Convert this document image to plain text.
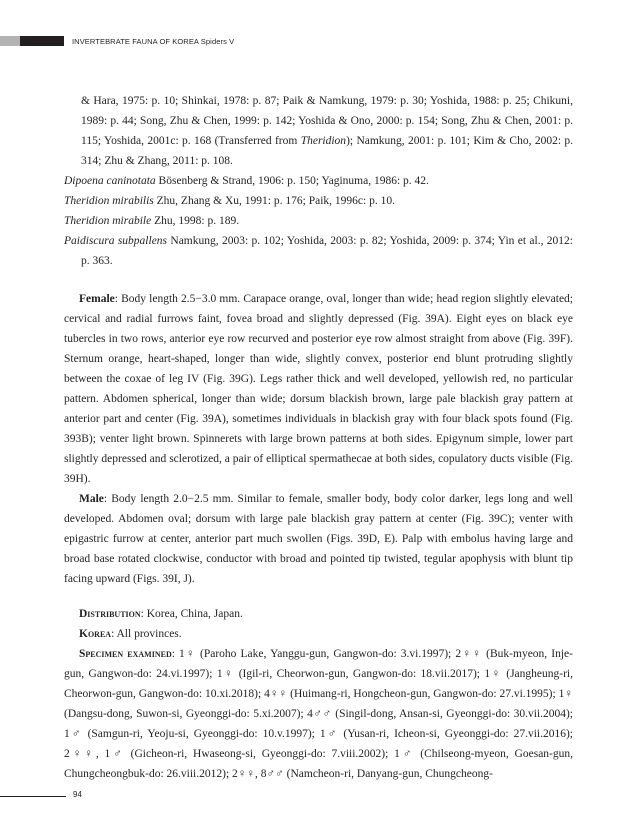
INVERTEBRATE FAUNA OF KOREA Spiders V

& Hara, 1975: p. 10; Shinkai, 1978: p. 87; Paik & Namkung, 1979: p. 30; Yoshida, 1988: p. 25; Chikuni, 1989: p. 44; Song, Zhu & Chen, 1999: p. 142; Yoshida & Ono, 2000: p. 154; Song, Zhu & Chen, 2001: p. 115; Yoshida, 2001c: p. 168 (Transferred from Theridion); Namkung, 2001: p. 101; Kim & Cho, 2002: p. 314; Zhu & Zhang, 2011: p. 108.

Dipoena caninotata Bösenberg & Strand, 1906: p. 150; Yaginuma, 1986: p. 42.

Theridion mirabilis Zhu, Zhang & Xu, 1991: p. 176; Paik, 1996c: p. 10.

Theridion mirabile Zhu, 1998: p. 189.

Paidiscura subpallens Namkung, 2003: p. 102; Yoshida, 2003: p. 82; Yoshida, 2009: p. 374; Yin et al., 2012: p. 363.

Female: Body length 2.5−3.0 mm. Carapace orange, oval, longer than wide; head region slightly elevated; cervical and radial furrows faint, fovea broad and slightly depressed (Fig. 39A). Eight eyes on black eye tubercles in two rows, anterior eye row recurved and posterior eye row almost straight from above (Fig. 39F). Sternum orange, heart-shaped, longer than wide, slightly convex, posterior end blunt protruding slightly between the coxae of leg IV (Fig. 39G). Legs rather thick and well developed, yellowish red, no particular pattern. Abdomen spherical, longer than wide; dorsum blackish brown, large pale blackish gray pattern at anterior part and center (Fig. 39A), sometimes individuals in blackish gray with four black spots found (Fig. 393B); venter light brown. Spinnerets with large brown patterns at both sides. Epigynum simple, lower part slightly depressed and sclerotized, a pair of elliptical spermathecae at both sides, copulatory ducts visible (Fig. 39H).

Male: Body length 2.0−2.5 mm. Similar to female, smaller body, body color darker, legs long and well developed. Abdomen oval; dorsum with large pale blackish gray pattern at center (Fig. 39C); venter with epigastric furrow at center, anterior part much swollen (Figs. 39D, E). Palp with embolus having large and broad base rotated clockwise, conductor with broad and pointed tip twisted, tegular apophysis with blunt tip facing upward (Figs. 39I, J).

Distribution: Korea, China, Japan.

Korea: All provinces.

Specimen examined: 1♀ (Paroho Lake, Yanggu-gun, Gangwon-do: 3.vi.1997); 2♀♀ (Buk-myeon, Inje-gun, Gangwon-do: 24.vi.1997); 1♀ (Igil-ri, Cheorwon-gun, Gangwon-do: 18.vii.2017); 1♀ (Jangheung-ri, Cheorwon-gun, Gangwon-do: 10.xi.2018); 4♀♀ (Huimang-ri, Hongcheon-gun, Gangwon-do: 27.vi.1995); 1♀ (Dangsu-dong, Suwon-si, Gyeonggi-do: 5.xi.2007); 4♂♂ (Singil-dong, Ansan-si, Gyeonggi-do: 30.vii.2004); 1♂ (Samgun-ri, Yeoju-si, Gyeonggi-do: 10.v.1997); 1♂ (Yusan-ri, Icheon-si, Gyeonggi-do: 27.vii.2016); 2♀♀, 1♂ (Gicheon-ri, Hwaseong-si, Gyeonggi-do: 7.viii.2002); 1♂ (Chilseong-myeon, Goesan-gun, Chungcheongbuk-do: 26.viii.2012); 2♀♀, 8♂♂ (Namcheon-ri, Danyang-gun, Chungcheong-

94
